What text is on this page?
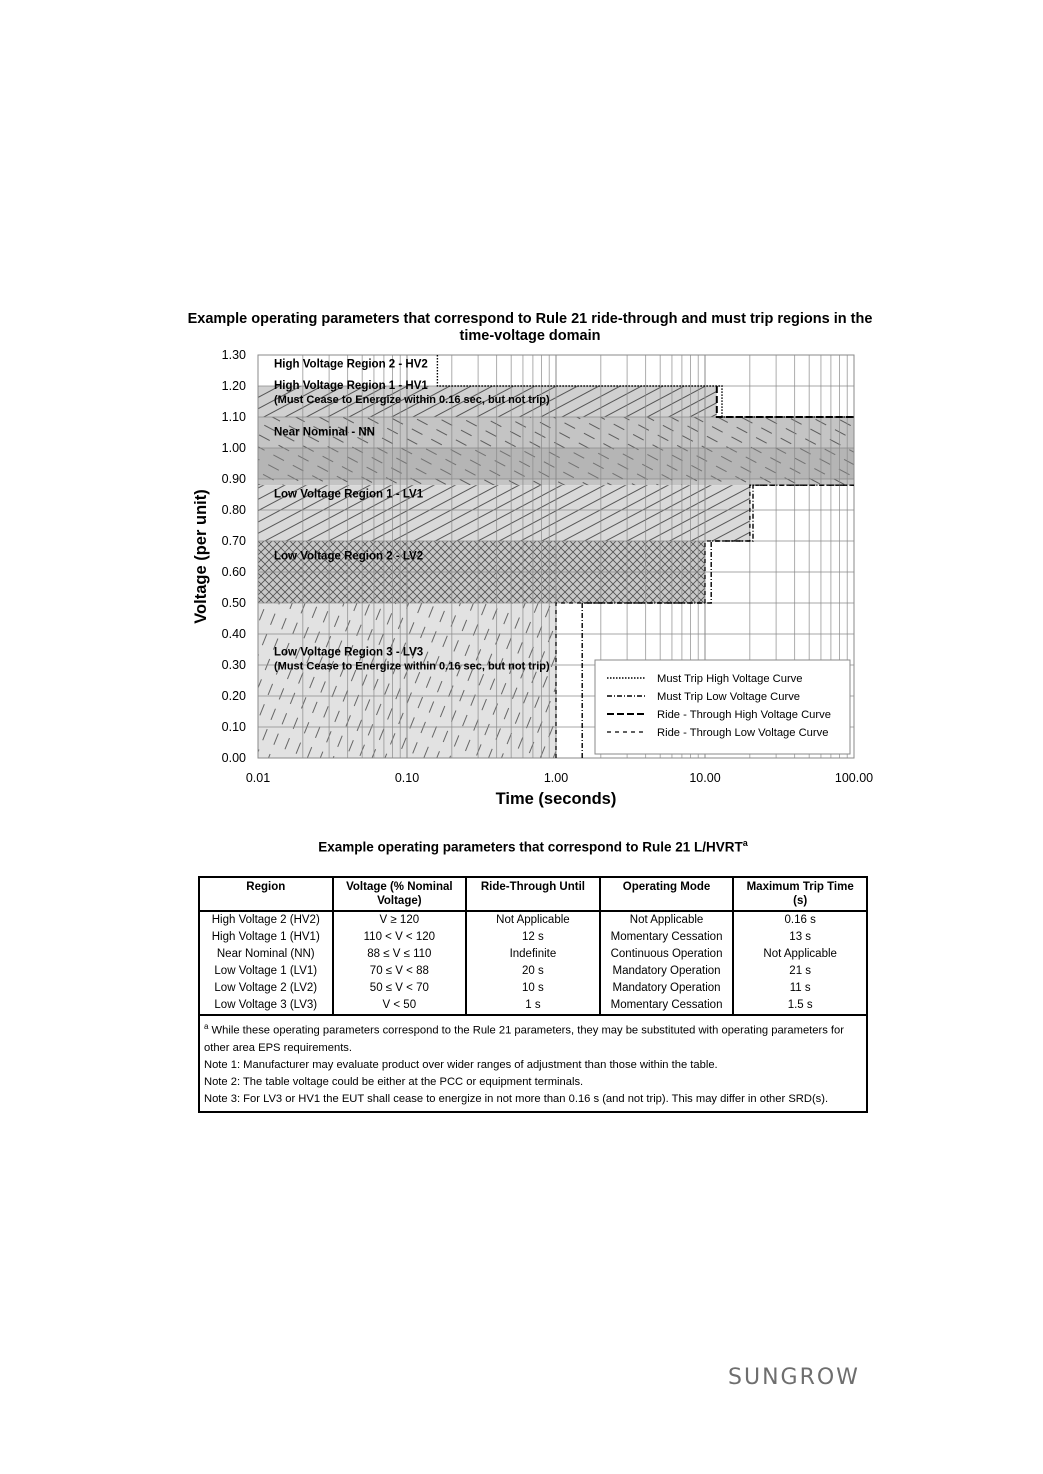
Example operating parameters that correspond to Rule 21 ride-through and must trip regions in the time-voltage domain
0.00
0.10
0.20
0.30
0.40
0.50
0.60
0.70
0.80
0.90
1.00
1.10
1.20
1.30
0.01	0.10	1.00	10.00	100.00
Time (seconds)
Voltage (per unit)
High Voltage Region 2 - HV2
High Voltage Region 1 - HV1
(Must Cease to Energize within 0.16 sec, but not trip)
Near Nominal - NN
Low Voltage Region 1 - LV1
Low Voltage Region 2 - LV2
Low Voltage Region 3 - LV3
(Must Cease to Energize within 0.16 sec, but not trip)
Must Trip High Voltage Curve
Must Trip Low Voltage Curve
Ride - Through High Voltage Curve
Ride - Through Low Voltage Curve
Example operating parameters that correspond to Rule 21 L/HVRT$^a$
Region	Voltage (% Nominal Voltage)	Ride-Through Until	Operating Mode	Maximum Trip Time (s)
High Voltage 2 (HV2)	V ≥ 120	Not Applicable	Not Applicable	0.16 s
High Voltage 1 (HV1)	110 < V < 120	12 s	Momentary Cessation	13 s
Near Nominal (NN)	88 ≤ V ≤ 110	Indefinite	Continuous Operation	Not Applicable
Low Voltage 1 (LV1)	70 ≤ V < 88	20 s	Mandatory Operation	21 s
Low Voltage 2 (LV2)	50 ≤ V < 70	10 s	Mandatory Operation	11 s
Low Voltage 3 (LV3)	V < 50	1 s	Momentary Cessation	1.5 s

$^a$ While these operating parameters correspond to the Rule 21 parameters, they may be substituted with operating parameters for other area EPS requirements.
Note 1: Manufacturer may evaluate product over wider ranges of adjustment than those within the table.
Note 2: The table voltage could be either at the PCC or equipment terminals.
Note 3: For LV3 or HV1 the EUT shall cease to energize in not more than 0.16 s (and not trip). This may differ in other SRD(s).				
SUNGROW
